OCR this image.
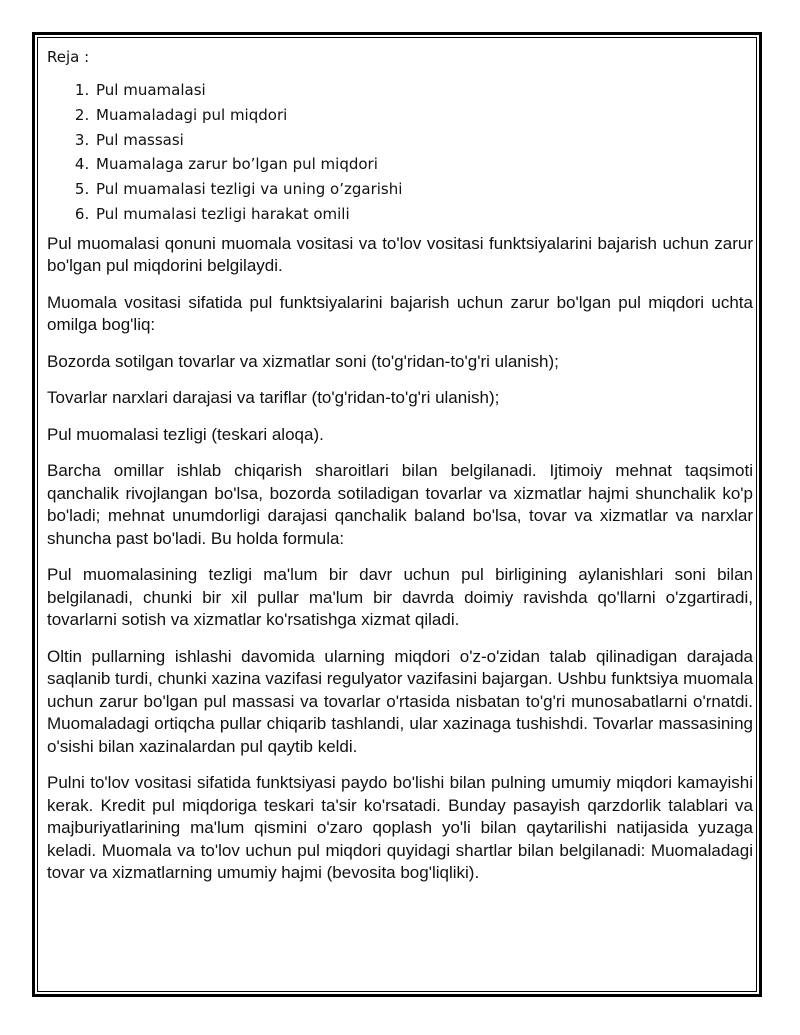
Reja :
1. Pul muamalasi
2. Muamaladagi pul miqdori
3. Pul massasi
4. Muamalaga zarur bo’lgan pul miqdori
5. Pul muamalasi tezligi va uning o’zgarishi
6. Pul mumalasi tezligi harakat omili

Pul muomalasi qonuni muomala vositasi va to'lov vositasi funktsiyalarini bajarish uchun zarur bo'lgan pul miqdorini belgilaydi.

Muomala vositasi sifatida pul funktsiyalarini bajarish uchun zarur bo'lgan pul miqdori uchta omilga bog'liq:

Bozorda sotilgan tovarlar va xizmatlar soni (to'g'ridan-to'g'ri ulanish);

Tovarlar narxlari darajasi va tariflar (to'g'ridan-to'g'ri ulanish);

Pul muomalasi tezligi (teskari aloqa).

Barcha omillar ishlab chiqarish sharoitlari bilan belgilanadi. Ijtimoiy mehnat taqsimoti qanchalik rivojlangan bo'lsa, bozorda sotiladigan tovarlar va xizmatlar hajmi shunchalik ko'p bo'ladi; mehnat unumdorligi darajasi qanchalik baland bo'lsa, tovar va xizmatlar va narxlar shuncha past bo'ladi. Bu holda formula:

Pul muomalasining tezligi ma'lum bir davr uchun pul birligining aylanishlari soni bilan belgilanadi, chunki bir xil pullar ma'lum bir davrda doimiy ravishda qo'llarni o'zgartiradi, tovarlarni sotish va xizmatlar ko'rsatishga xizmat qiladi.

Oltin pullarning ishlashi davomida ularning miqdori o'z-o'zidan talab qilinadigan darajada saqlanib turdi, chunki xazina vazifasi regulyator vazifasini bajargan. Ushbu funktsiya muomala uchun zarur bo'lgan pul massasi va tovarlar o'rtasida nisbatan to'g'ri munosabatlarni o'rnatdi. Muomaladagi ortiqcha pullar chiqarib tashlandi, ular xazinaga tushishdi. Tovarlar massasining o'sishi bilan xazinalardan pul qaytib keldi.

Pulni to'lov vositasi sifatida funktsiyasi paydo bo'lishi bilan pulning umumiy miqdori kamayishi kerak. Kredit pul miqdoriga teskari ta'sir ko'rsatadi. Bunday pasayish qarzdorlik talablari va majburiyatlarining ma'lum qismini o'zaro qoplash yo'li bilan qaytarilishi natijasida yuzaga keladi. Muomala va to'lov uchun pul miqdori quyidagi shartlar bilan belgilanadi: Muomaladagi tovar va xizmatlarning umumiy hajmi (bevosita bog'liqliki).
